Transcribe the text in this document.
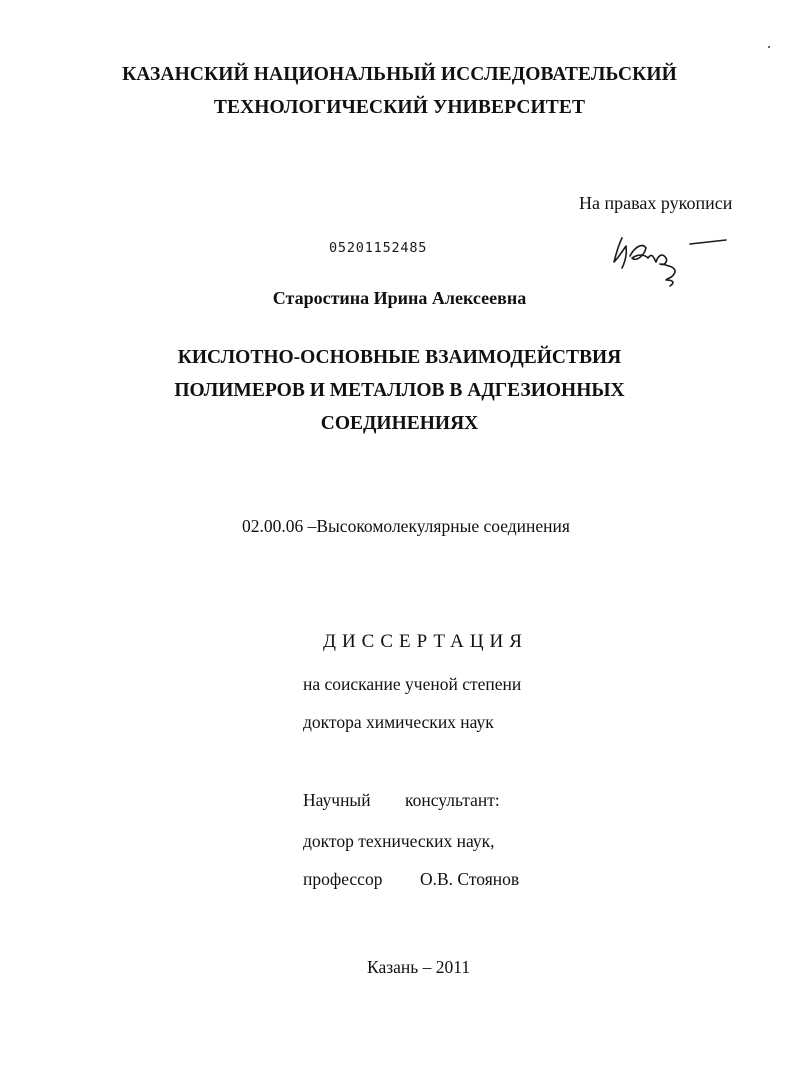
КАЗАНСКИЙ НАЦИОНАЛЬНЫЙ ИССЛЕДОВАТЕЛЬСКИЙ
ТЕХНОЛОГИЧЕСКИЙ УНИВЕРСИТЕТ
На правах рукописи
05201152485
Старостина Ирина Алексеевна
КИСЛОТНО-ОСНОВНЫЕ ВЗАИМОДЕЙСТВИЯ
ПОЛИМЕРОВ И МЕТАЛЛОВ В АДГЕЗИОННЫХ
СОЕДИНЕНИЯХ
02.00.06 –Высокомолекулярные соединения
ДИССЕРТАЦИЯ
на соискание ученой степени
доктора химических наук
Научный консультант:
доктор технических наук,
профессор О.В. Стоянов
Казань – 2011
